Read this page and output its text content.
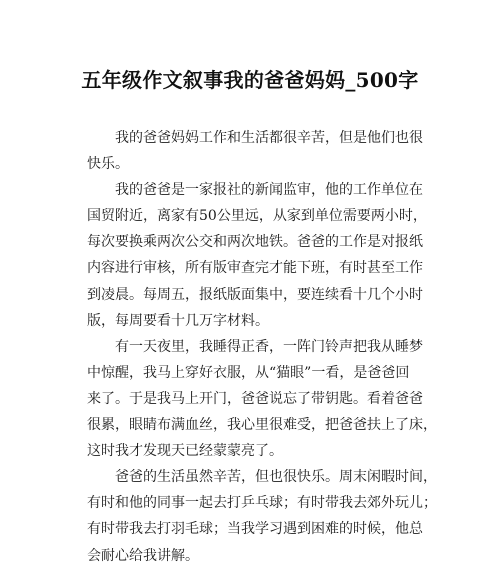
五年级作文叙事我的爸爸妈妈_500字
我的爸爸妈妈工作和生活都很辛苦，但是他们也很
快乐。
我的爸爸是一家报社的新闻监审，他的工作单位在
国贸附近，离家有50公里远，从家到单位需要两小时，
每次要换乘两次公交和两次地铁。爸爸的工作是对报纸
内容进行审核，所有版审查完才能下班，有时甚至工作
到凌晨。每周五，报纸版面集中，要连续看十几个小时
版，每周要看十几万字材料。
有一天夜里，我睡得正香，一阵门铃声把我从睡梦
中惊醒，我马上穿好衣服，从“猫眼”一看，是爸爸回
来了。于是我马上开门，爸爸说忘了带钥匙。看着爸爸
很累，眼睛布满血丝，我心里很难受，把爸爸扶上了床，
这时我才发现天已经蒙蒙亮了。
爸爸的生活虽然辛苦，但也很快乐。周末闲暇时间，
有时和他的同事一起去打乒乓球；有时带我去郊外玩儿；
有时带我去打羽毛球；当我学习遇到困难的时候，他总
会耐心给我讲解。
